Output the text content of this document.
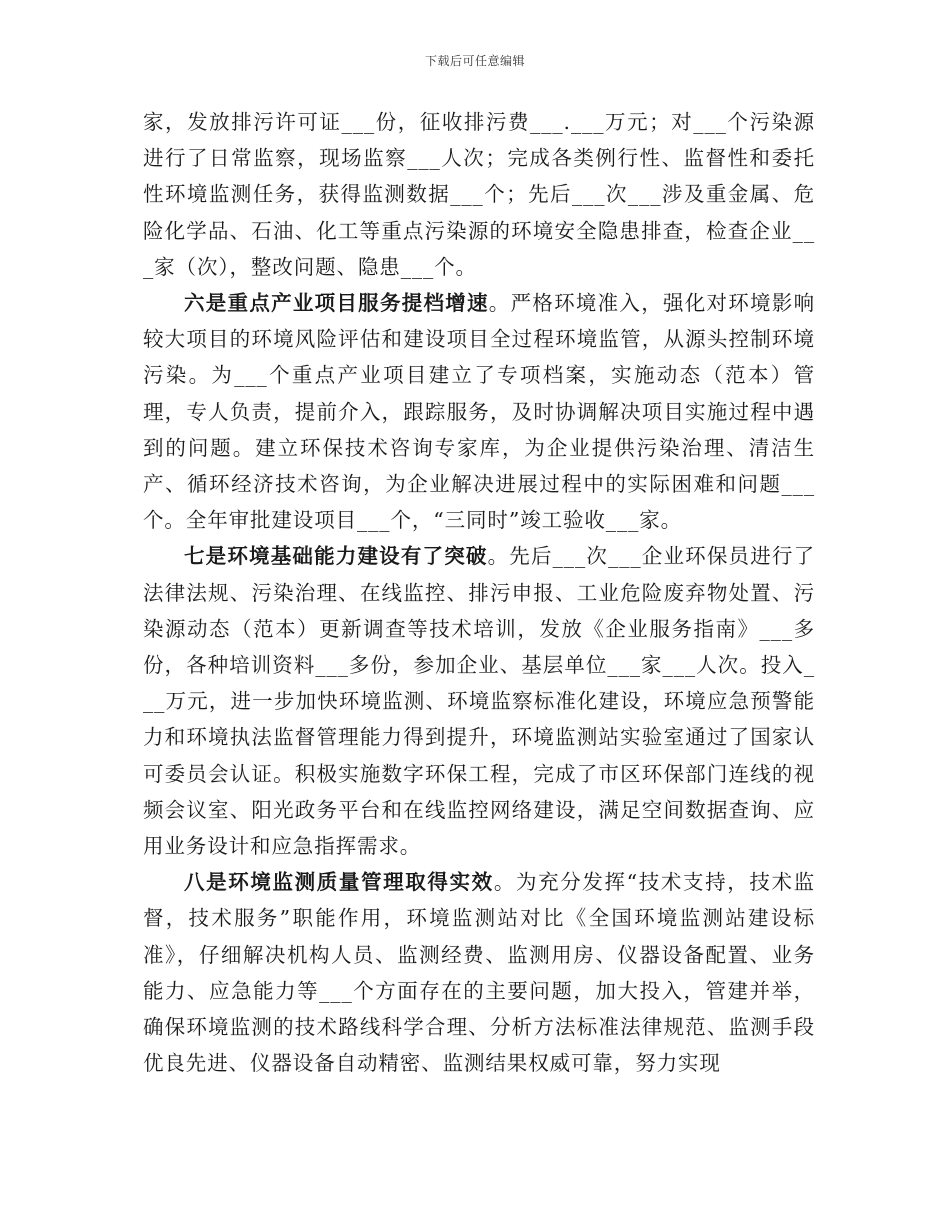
下载后可任意编辑

家，发放排污许可证___份，征收排污费___.___万元；对___个污染源进行了日常监察，现场监察___人次；完成各类例行性、监督性和委托性环境监测任务，获得监测数据___个；先后___次___涉及重金属、危险化学品、石油、化工等重点污染源的环境安全隐患排查，检查企业___家（次），整改问题、隐患___个。

六是重点产业项目服务提档增速。严格环境准入，强化对环境影响较大项目的环境风险评估和建设项目全过程环境监管，从源头控制环境污染。为___个重点产业项目建立了专项档案，实施动态（范本）管理，专人负责，提前介入，跟踪服务，及时协调解决项目实施过程中遇到的问题。建立环保技术咨询专家库，为企业提供污染治理、清洁生产、循环经济技术咨询，为企业解决进展过程中的实际困难和问题___个。全年审批建设项目___个，“三同时”竣工验收___家。

七是环境基础能力建设有了突破。先后___次___企业环保员进行了法律法规、污染治理、在线监控、排污申报、工业危险废弃物处置、污染源动态（范本）更新调查等技术培训，发放《企业服务指南》___多份，各种培训资料___多份，参加企业、基层单位___家___人次。投入___万元，进一步加快环境监测、环境监察标准化建设，环境应急预警能力和环境执法监督管理能力得到提升，环境监测站实验室通过了国家认可委员会认证。积极实施数字环保工程，完成了市区环保部门连线的视频会议室、阳光政务平台和在线监控网络建设，满足空间数据查询、应用业务设计和应急指挥需求。

八是环境监测质量管理取得实效。为充分发挥“技术支持，技术监督，技术服务”职能作用，环境监测站对比《全国环境监测站建设标准》，仔细解决机构人员、监测经费、监测用房、仪器设备配置、业务能力、应急能力等___个方面存在的主要问题，加大投入，管建并举，确保环境监测的技术路线科学合理、分析方法标准法律规范、监测手段优良先进、仪器设备自动精密、监测结果权威可靠，努力实现
